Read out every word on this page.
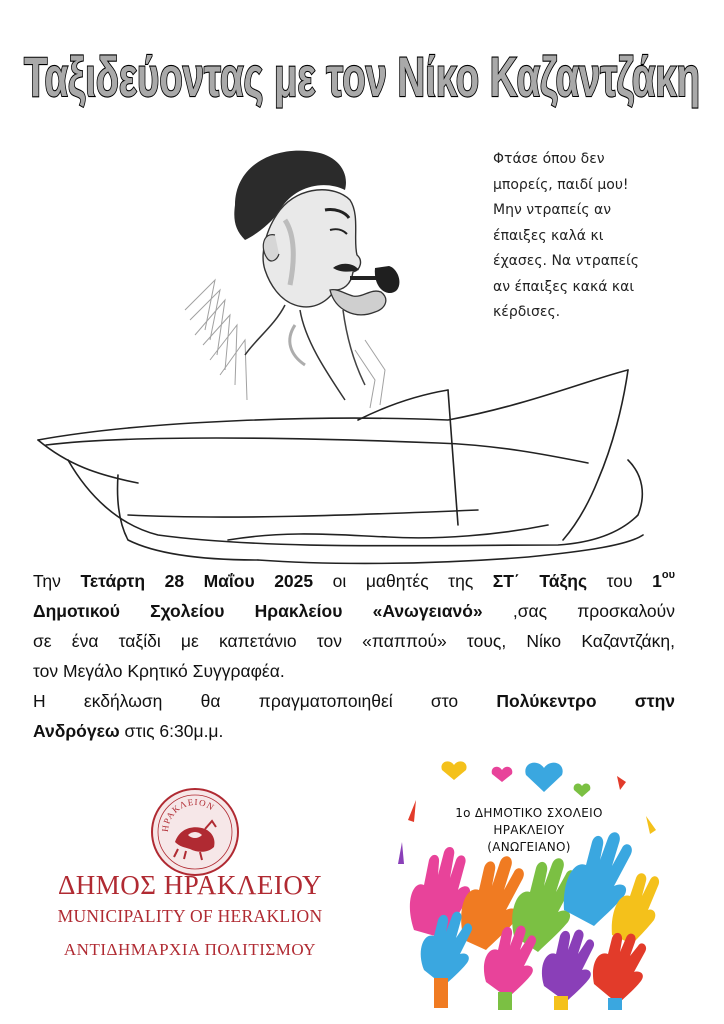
Ταξιδεύοντας με τον Νίκο Καζαντζάκη
Φτάσε όπου δεν
μπορείς, παιδί μου!
Μην ντραπείς αν
έπαιξες καλά κι
έχασες. Να ντραπείς
αν έπαιξες κακά και
κέρδισες.
Την Τετάρτη 28 Μαΐου 2025 οι μαθητές της ΣΤ΄ Τάξης του $1^{o\upsilon}$
Δημοτικού Σχολείου Ηρακλείου «Ανωγειανό» ,σας προσκαλούν
σε ένα ταξίδι με καπετάνιο τον «παππού» τους, Νίκο Καζαντζάκη,
τον Μεγάλο Κρητικό Συγγραφέα.
Η εκδήλωση θα πραγματοποιηθεί στο Πολύκεντρο στην
Ανδρόγεω στις 6:30μ.μ.
ΗΡΑΚΛΕΙΟΝ
ΔΗΜΟΣ ΗΡΑΚΛΕΙΟΥ
MUNICIPALITY OF HERAKLION
ΑΝΤΙΔΗΜΑΡΧΙΑ ΠΟΛΙΤΙΣΜΟΥ
1ο ΔΗΜΟΤΙΚΟ ΣΧΟΛΕΙΟ
ΗΡΑΚΛΕΙΟΥ
(ΑΝΩΓΕΙΑΝΟ)
